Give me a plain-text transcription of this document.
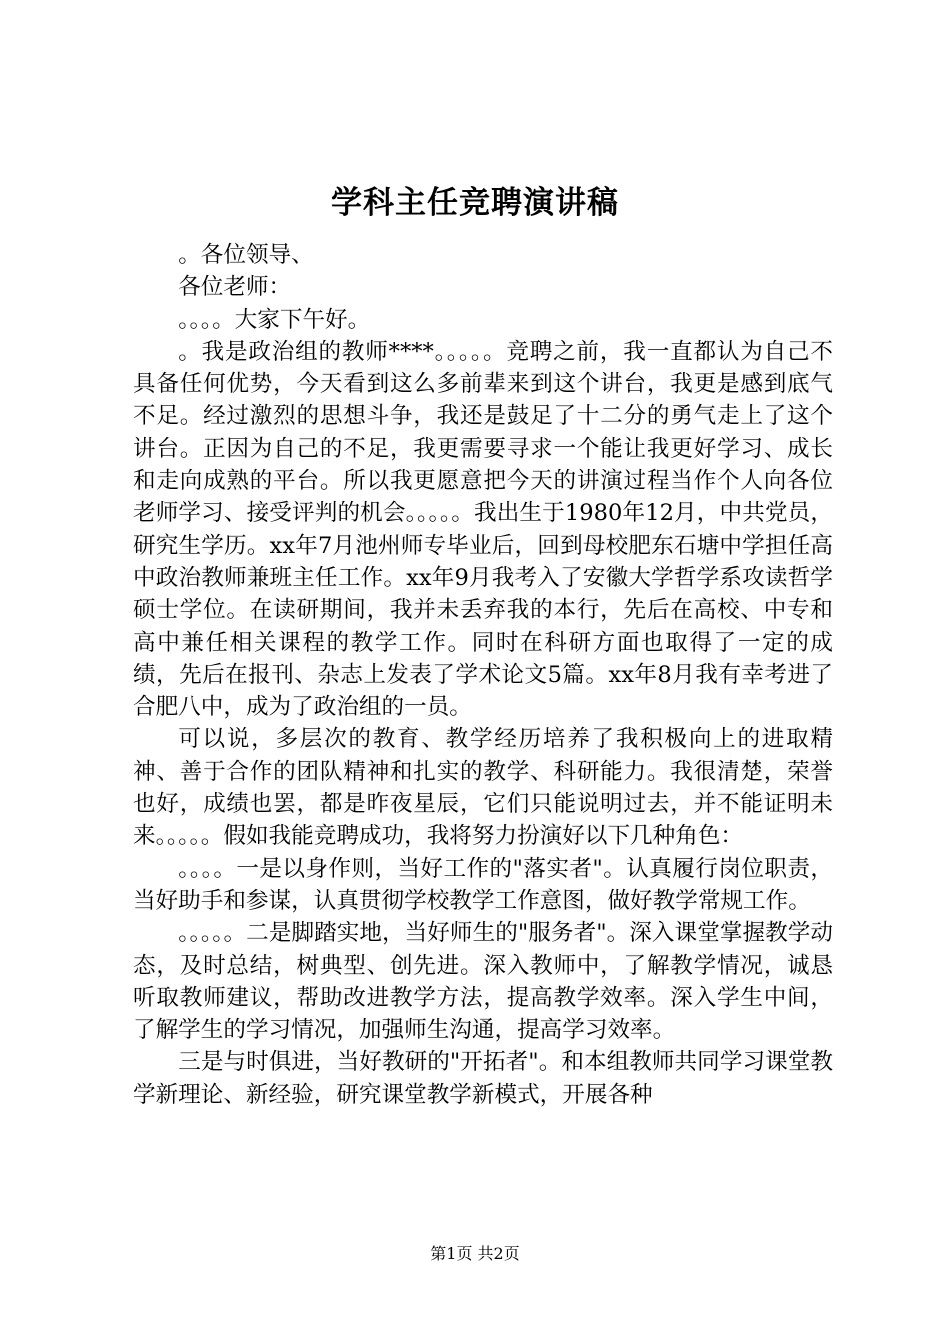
学科主任竞聘演讲稿

。各位领导、

各位老师：

。。。。大家下午好。

。我是政治组的教师****。。。。。竞聘之前，我一直都认为自己不具备任何优势，今天看到这么多前辈来到这个讲台，我更是感到底气不足。经过激烈的思想斗争，我还是鼓足了十二分的勇气走上了这个讲台。正因为自己的不足，我更需要寻求一个能让我更好学习、成长和走向成熟的平台。所以我更愿意把今天的讲演过程当作个人向各位老师学习、接受评判的机会。。。。。我出生于1980年12月，中共党员，研究生学历。xx年7月池州师专毕业后，回到母校肥东石塘中学担任高中政治教师兼班主任工作。xx年9月我考入了安徽大学哲学系攻读哲学硕士学位。在读研期间，我并未丢弃我的本行，先后在高校、中专和高中兼任相关课程的教学工作。同时在科研方面也取得了一定的成绩，先后在报刊、杂志上发表了学术论文5篇。xx年8月我有幸考进了合肥八中，成为了政治组的一员。

可以说，多层次的教育、教学经历培养了我积极向上的进取精神、善于合作的团队精神和扎实的教学、科研能力。我很清楚，荣誉也好，成绩也罢，都是昨夜星辰，它们只能说明过去，并不能证明未来。。。。。假如我能竞聘成功，我将努力扮演好以下几种角色：

。。。。一是以身作则，当好工作的"落实者"。认真履行岗位职责，当好助手和参谋，认真贯彻学校教学工作意图，做好教学常规工作。

。。。。。二是脚踏实地，当好师生的"服务者"。深入课堂掌握教学动态，及时总结，树典型、创先进。深入教师中，了解教学情况，诚恳听取教师建议，帮助改进教学方法，提高教学效率。深入学生中间，了解学生的学习情况，加强师生沟通，提高学习效率。

三是与时俱进，当好教研的"开拓者"。和本组教师共同学习课堂教学新理论、新经验，研究课堂教学新模式，开展各种

第1页 共2页
